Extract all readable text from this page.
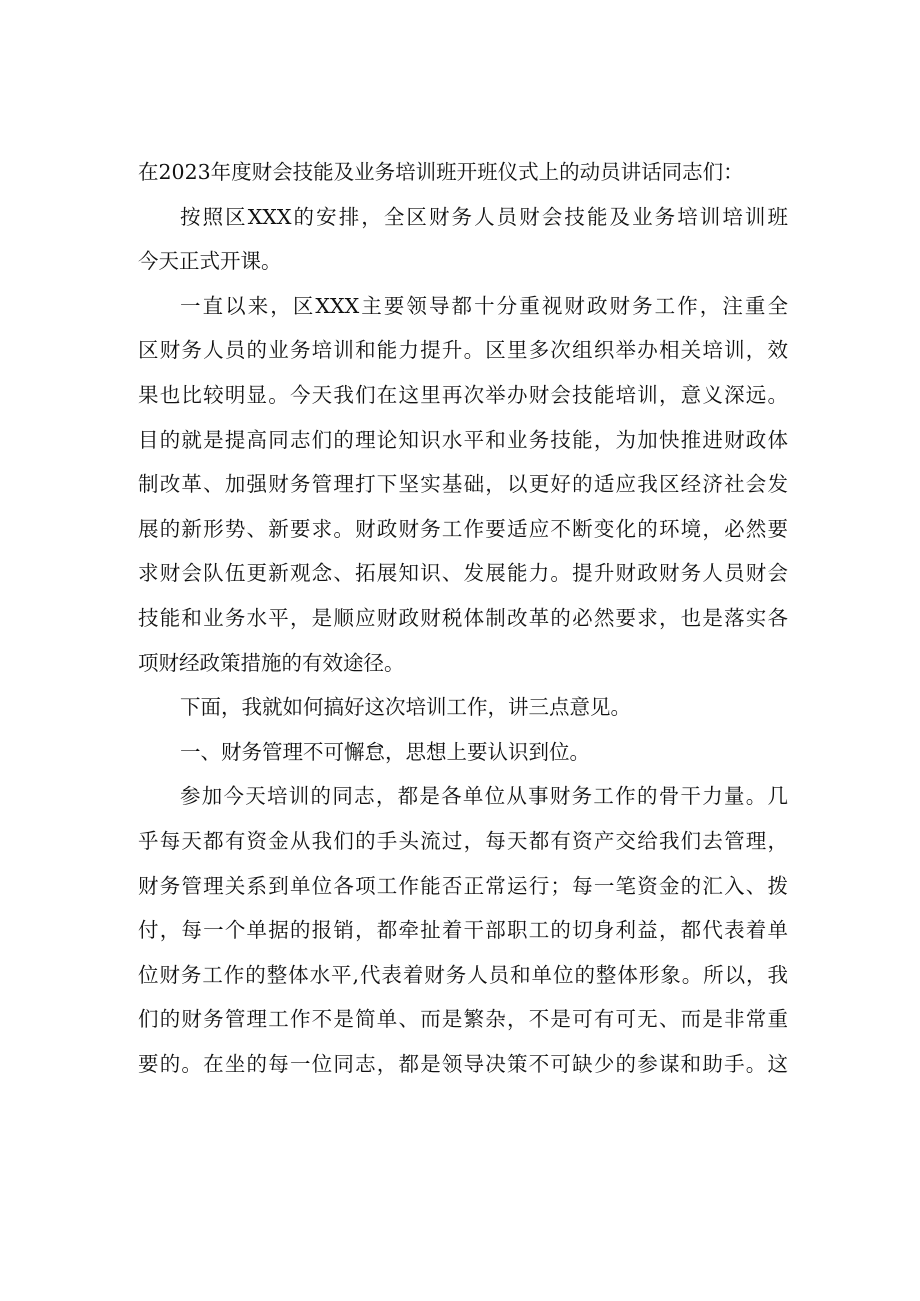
在2023年度财会技能及业务培训班开班仪式上的动员讲话同志们：
按照区XXX的安排，全区财务人员财会技能及业务培训培训班
今天正式开课。
一直以来，区XXX主要领导都十分重视财政财务工作，注重全
区财务人员的业务培训和能力提升。区里多次组织举办相关培训，效
果也比较明显。今天我们在这里再次举办财会技能培训，意义深远。
目的就是提高同志们的理论知识水平和业务技能，为加快推进财政体
制改革、加强财务管理打下坚实基础，以更好的适应我区经济社会发
展的新形势、新要求。财政财务工作要适应不断变化的环境，必然要
求财会队伍更新观念、拓展知识、发展能力。提升财政财务人员财会
技能和业务水平，是顺应财政财税体制改革的必然要求，也是落实各
项财经政策措施的有效途径。
下面，我就如何搞好这次培训工作，讲三点意见。
一、财务管理不可懈怠，思想上要认识到位。
参加今天培训的同志，都是各单位从事财务工作的骨干力量。几
乎每天都有资金从我们的手头流过，每天都有资产交给我们去管理，
财务管理关系到单位各项工作能否正常运行；每一笔资金的汇入、拨
付，每一个单据的报销，都牵扯着干部职工的切身利益，都代表着单
位财务工作的整体水平,代表着财务人员和单位的整体形象。所以，我
们的财务管理工作不是简单、而是繁杂，不是可有可无、而是非常重
要的。在坐的每一位同志，都是领导决策不可缺少的参谋和助手。这
